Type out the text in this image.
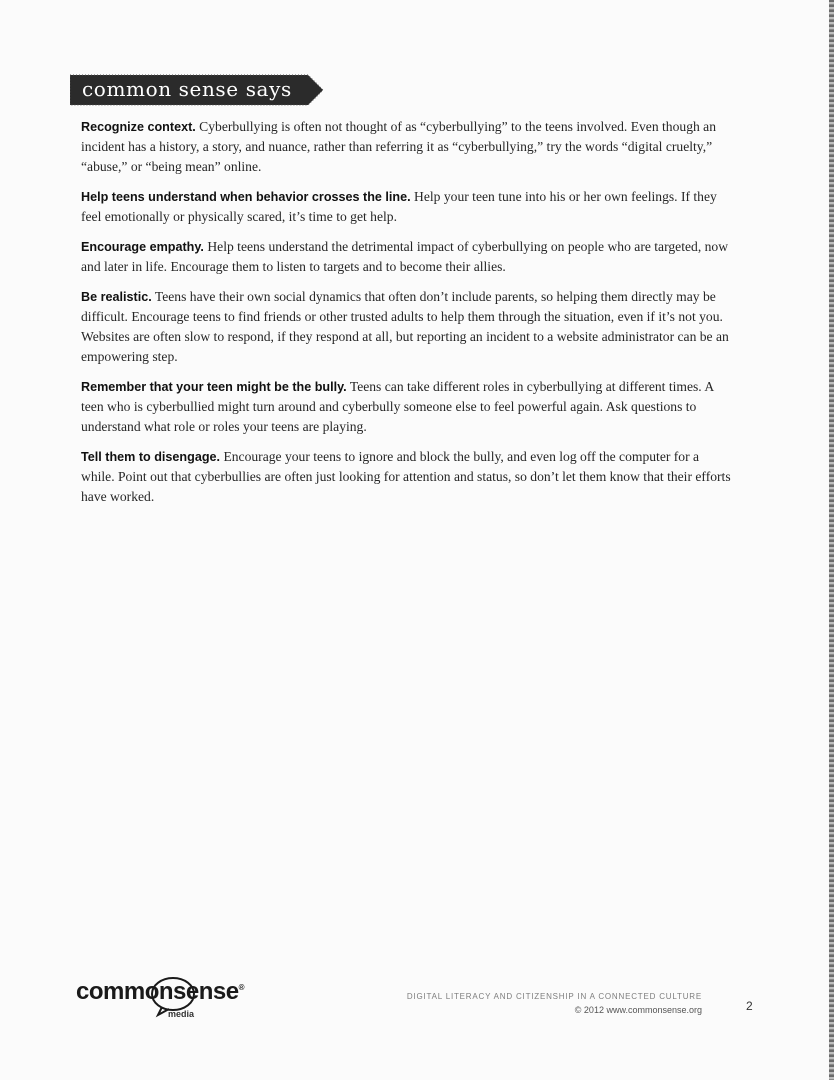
common sense says

Recognize context. Cyberbullying is often not thought of as “cyberbullying” to the teens involved. Even though an incident has a history, a story, and nuance, rather than referring it as “cyberbullying,” try the words “digital cruelty,” “abuse,” or “being mean” online.

Help teens understand when behavior crosses the line. Help your teen tune into his or her own feelings. If they feel emotionally or physically scared, it’s time to get help.

Encourage empathy. Help teens understand the detrimental impact of cyberbullying on people who are targeted, now and later in life. Encourage them to listen to targets and to become their allies.

Be realistic. Teens have their own social dynamics that often don’t include parents, so helping them directly may be difficult. Encourage teens to find friends or other trusted adults to help them through the situation, even if it’s not you. Websites are often slow to respond, if they respond at all, but reporting an incident to a website administrator can be an empowering step.

Remember that your teen might be the bully. Teens can take different roles in cyberbullying at different times. A teen who is cyberbullied might turn around and cyberbully someone else to feel powerful again. Ask questions to understand what role or roles your teens are playing.

Tell them to disengage. Encourage your teens to ignore and block the bully, and even log off the computer for a while. Point out that cyberbullies are often just looking for attention and status, so don’t let them know that their efforts have worked.

commonsense®
media
DIGITAL LITERACY AND CITIZENSHIP IN A CONNECTED CULTURE
© 2012 www.commonsense.org	2
